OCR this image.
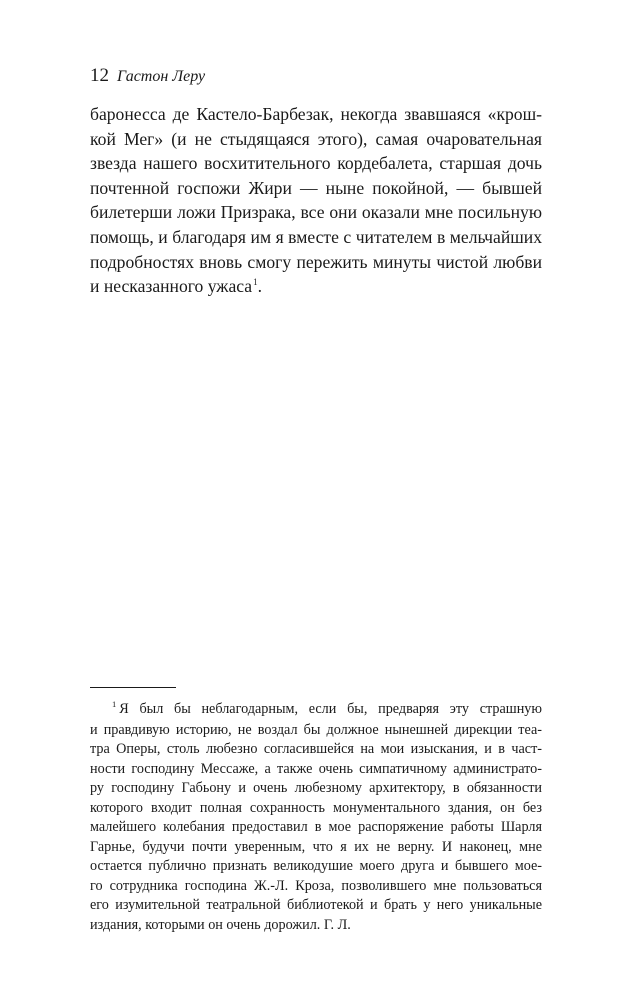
12 Гастон Леру
баронесса де Кастело-Барбезак, некогда звавшаяся «крош-
кой Мег» (и не стыдящаяся этого), самая очаровательная
звезда нашего восхитительного кордебалета, старшая дочь
почтенной госпожи Жири — ныне покойной, — бывшей
билетерши ложи Призрака, все они оказали мне посильную
помощь, и благодаря им я вместе с читателем в мельчайших
подробностях вновь смогу пережить минуты чистой любви
и несказанного ужаса$^1$.
$^1$ Я был бы неблагодарным, если бы, предваряя эту страшную
и правдивую историю, не воздал бы должное нынешней дирекции теа-
тра Оперы, столь любезно согласившейся на мои изыскания, и в част-
ности господину Мессаже, а также очень симпатичному администрато-
ру господину Габьону и очень любезному архитектору, в обязанности
которого входит полная сохранность монументального здания, он без
малейшего колебания предоставил в мое распоряжение работы Шарля
Гарнье, будучи почти уверенным, что я их не верну. И наконец, мне
остается публично признать великодушие моего друга и бывшего мое-
го сотрудника господина Ж.-Л. Кроза, позволившего мне пользоваться
его изумительной театральной библиотекой и брать у него уникальные
издания, которыми он очень дорожил. Г. Л.
